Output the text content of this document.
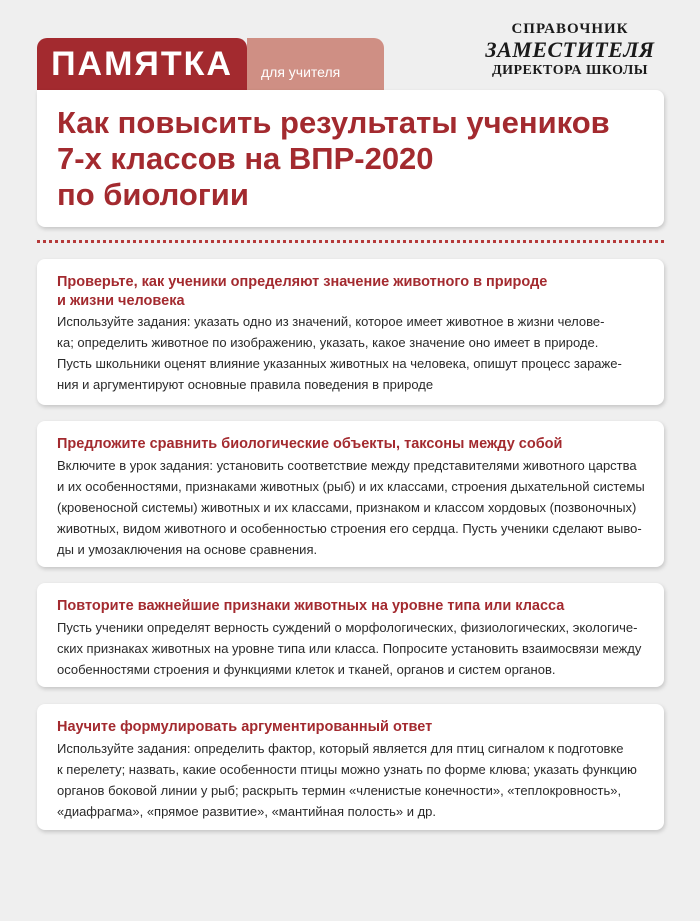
ПАМЯТКА для учителя
СПРАВОЧНИК
ЗАМЕСТИТЕЛЯ
ДИРЕКТОРА ШКОЛЫ
Как повысить результаты учеников
7-х классов на ВПР-2020
по биологии
Проверьте, как ученики определяют значение животного в природе
и жизни человека

Используйте задания: указать одно из значений, которое имеет животное в жизни челове-
ка; определить животное по изображению, указать, какое значение оно имеет в природе.
Пусть школьники оценят влияние указанных животных на человека, опишут процесс зараже-
ния и аргументируют основные правила поведения в природе

Предложите сравнить биологические объекты, таксоны между собой

Включите в урок задания: установить соответствие между представителями животного царства
и их особенностями, признаками животных (рыб) и их классами, строения дыхательной системы
(кровеносной системы) животных и их классами, признаком и классом хордовых (позвоночных)
животных, видом животного и особенностью строения его сердца. Пусть ученики сделают выво-
ды и умозаключения на основе сравнения.

Повторите важнейшие признаки животных на уровне типа или класса

Пусть ученики определят верность суждений о морфологических, физиологических, экологиче-
ских признаках животных на уровне типа или класса. Попросите установить взаимосвязи между
особенностями строения и функциями клеток и тканей, органов и систем органов.

Научите формулировать аргументированный ответ

Используйте задания: определить фактор, который является для птиц сигналом к подготовке
к перелету; назвать, какие особенности птицы можно узнать по форме клюва; указать функцию
органов боковой линии у рыб; раскрыть термин «членистые конечности», «теплокровность»,
«диафрагма», «прямое развитие», «мантийная полость» и др.
